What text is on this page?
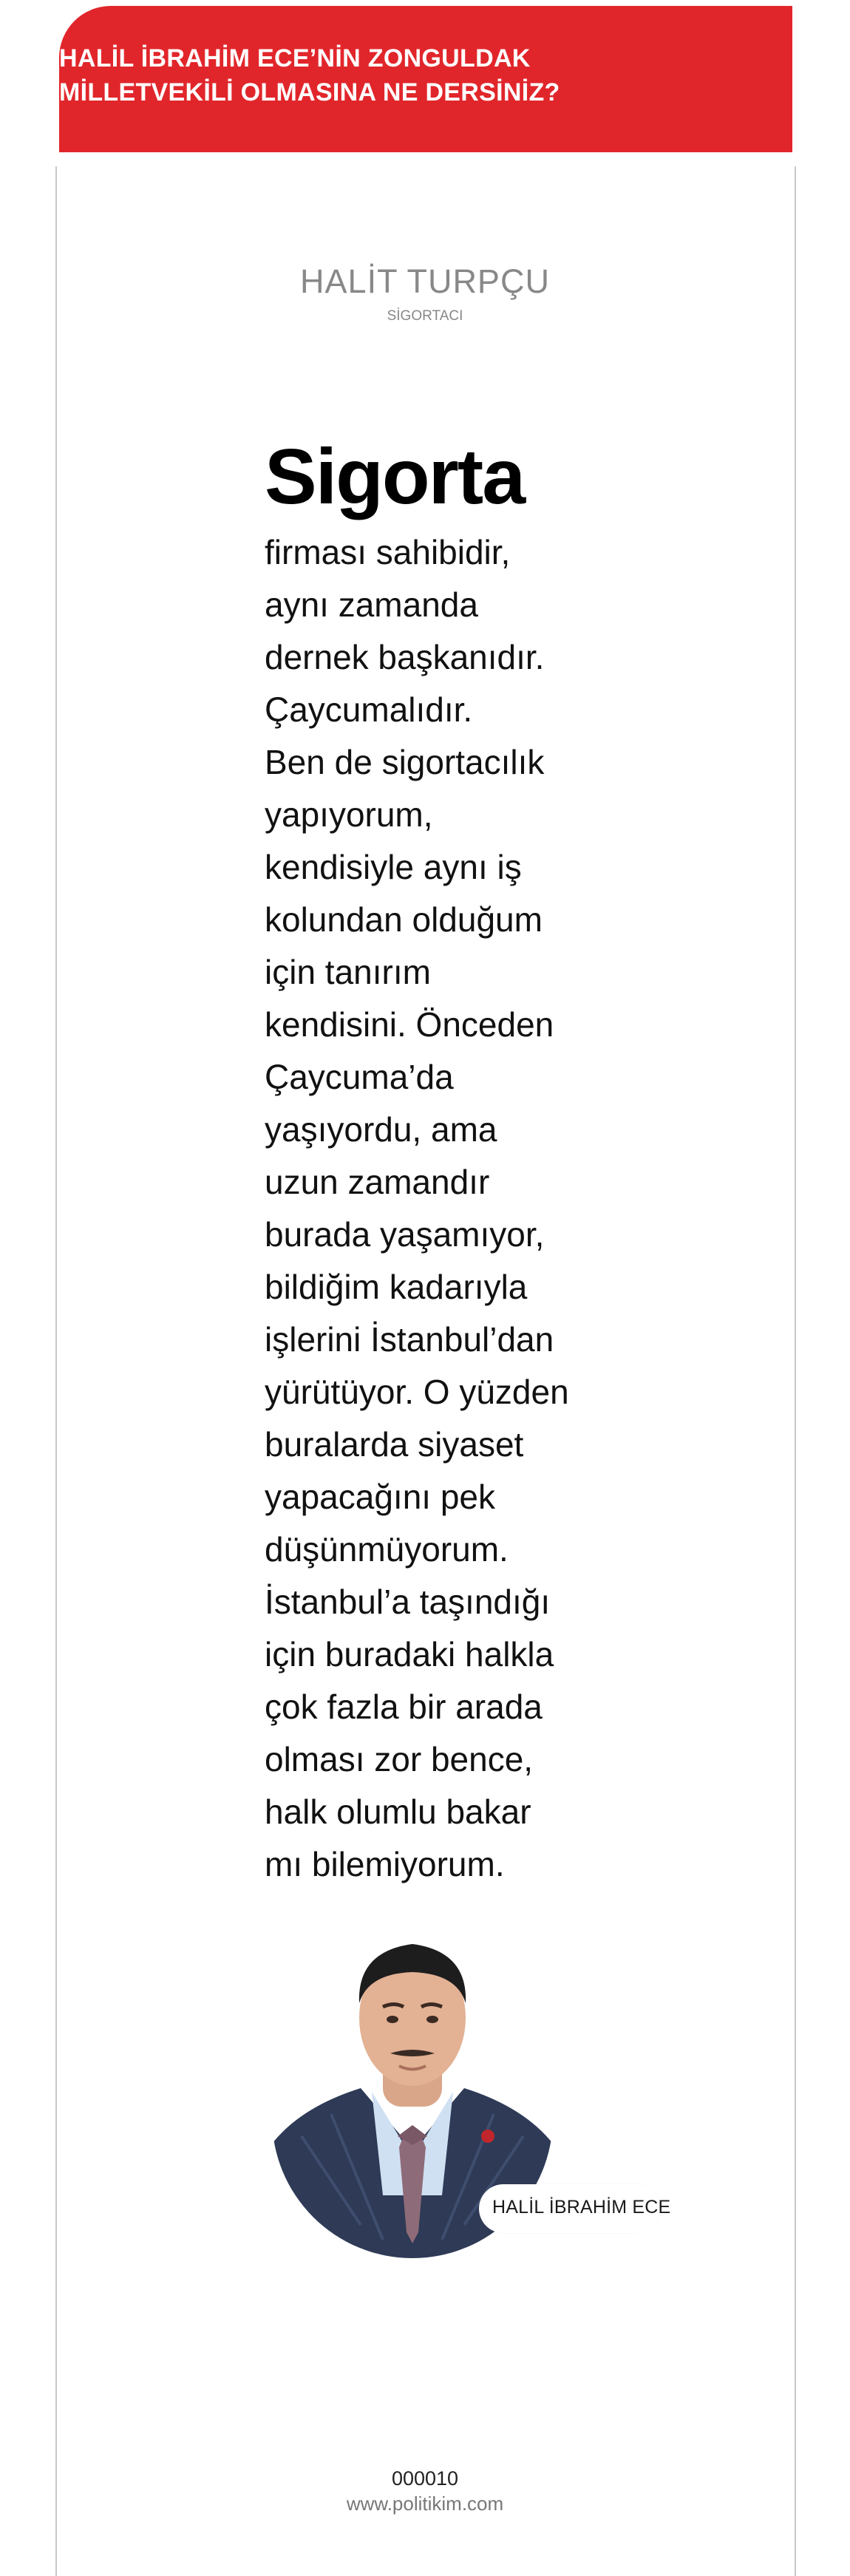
HALİL İBRAHİM ECE’NİN ZONGULDAK
MİLLETVEKİLİ OLMASINA NE DERSİNİZ?

HALİT TURPÇU
SİGORTACI
Sigorta

firması sahibidir,
aynı zamanda
dernek başkanıdır.
Çaycumalıdır.
Ben de sigortacılık
yapıyorum,
kendisiyle aynı iş
kolundan olduğum
için tanırım
kendisini. Önceden
Çaycuma’da
yaşıyordu, ama
uzun zamandır
burada yaşamıyor,
bildiğim kadarıyla
işlerini İstanbul’dan
yürütüyor. O yüzden
buralarda siyaset
yapacağını pek
düşünmüyorum.
İstanbul’a taşındığı
için buradaki halkla
çok fazla bir arada
olması zor bence,
halk olumlu bakar
mı bilemiyorum.

HALİL İBRAHİM ECE
000010
www.politikim.com
